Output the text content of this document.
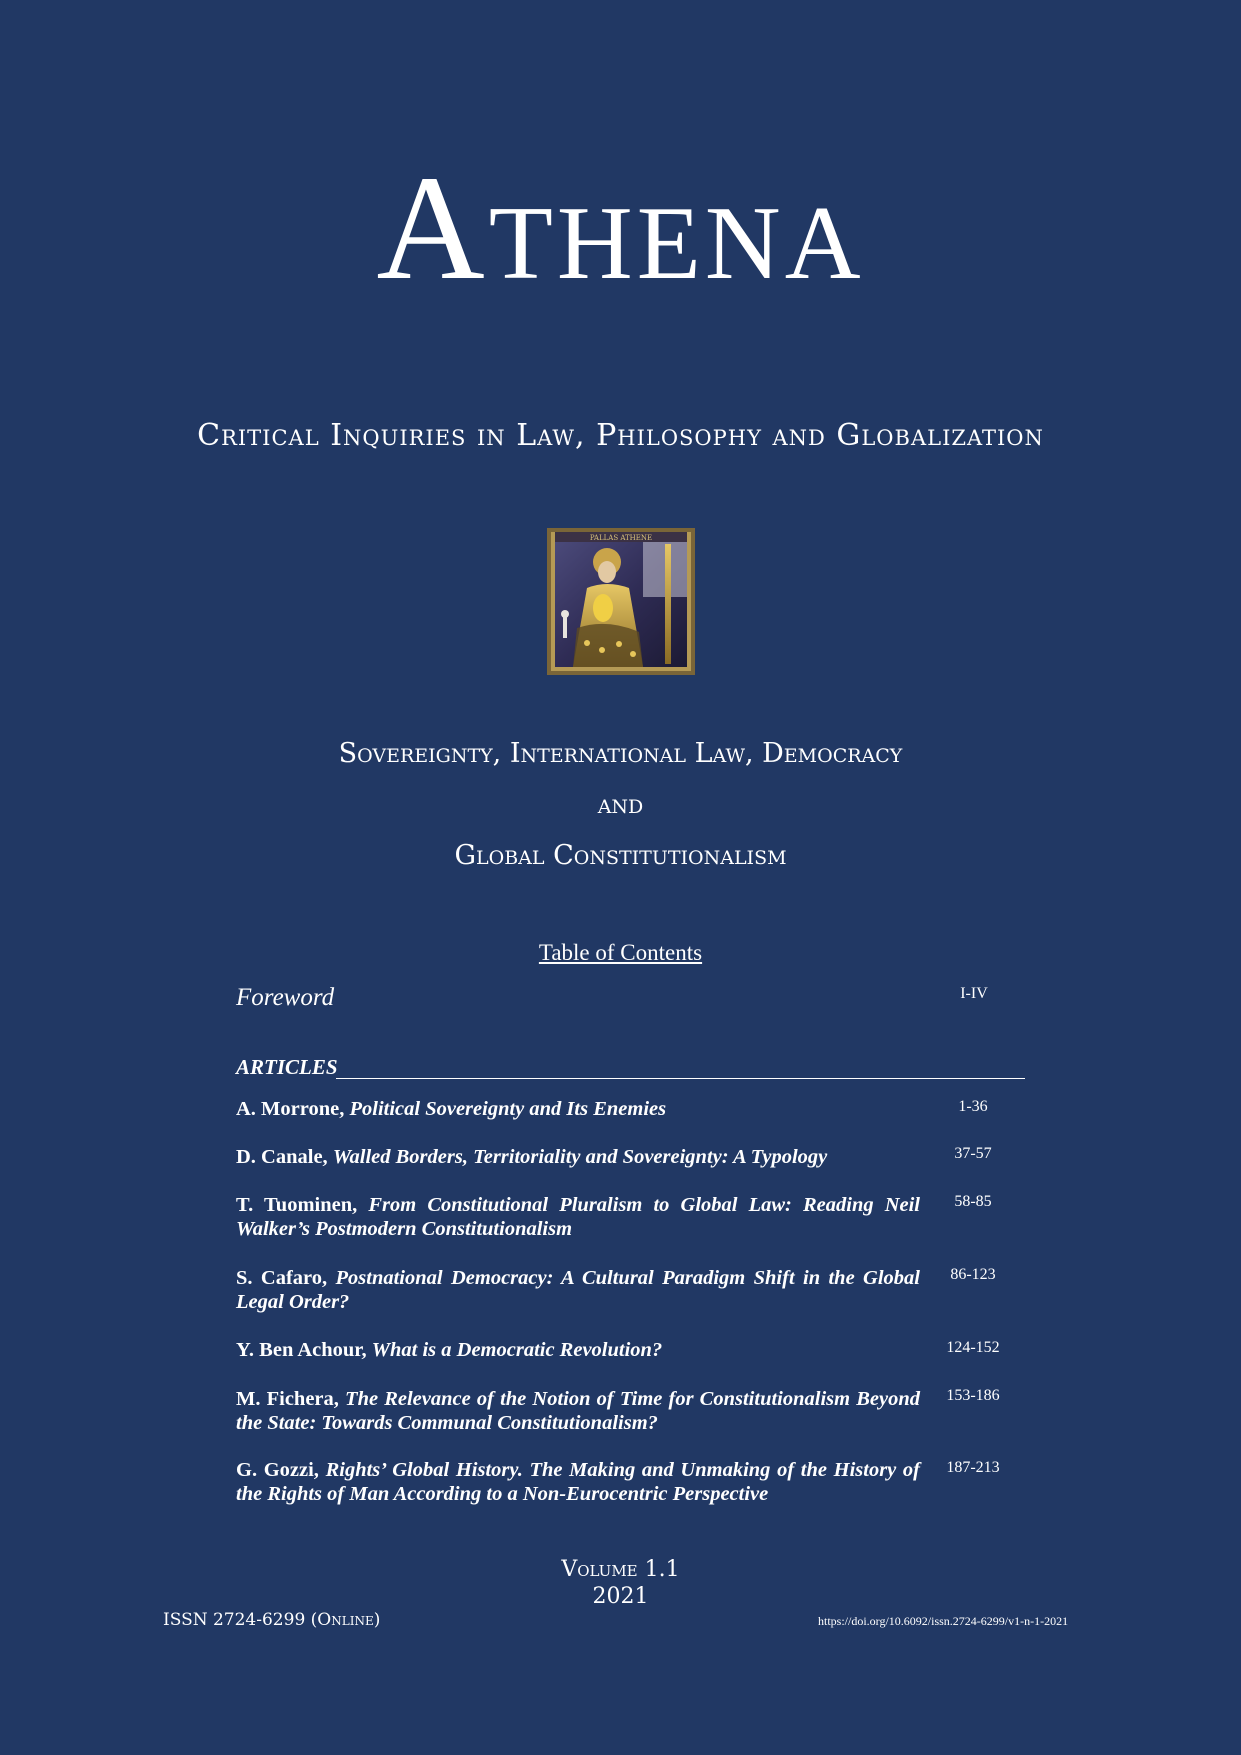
Athena
Critical Inquiries in Law, Philosophy and Globalization
PALLAS ATHENE
Sovereignty, International Law, Democracy
and
Global Constitutionalism
Table of Contents
Foreword	I-IV
ARTICLES
A. Morrone, Political Sovereignty and Its Enemies	1-36
D. Canale, Walled Borders, Territoriality and Sovereignty: A Typology	37-57
T. Tuominen, From Constitutional Pluralism to Global Law: Reading Neil Walker’s Postmodern Constitutionalism
58-85
S. Cafaro, Postnational Democracy: A Cultural Paradigm Shift in the Global Legal Order?
86-123
Y. Ben Achour, What is a Democratic Revolution?	124-152
M. Fichera, The Relevance of the Notion of Time for Constitutionalism Beyond the State: Towards Communal Constitutionalism?
153-186
G. Gozzi, Rights’ Global History. The Making and Unmaking of the History of the Rights of Man According to a Non-Eurocentric Perspective
187-213
Volume 1.1
2021
ISSN 2724-6299 (Online)	https://doi.org/10.6092/issn.2724-6299/v1-n-1-2021
